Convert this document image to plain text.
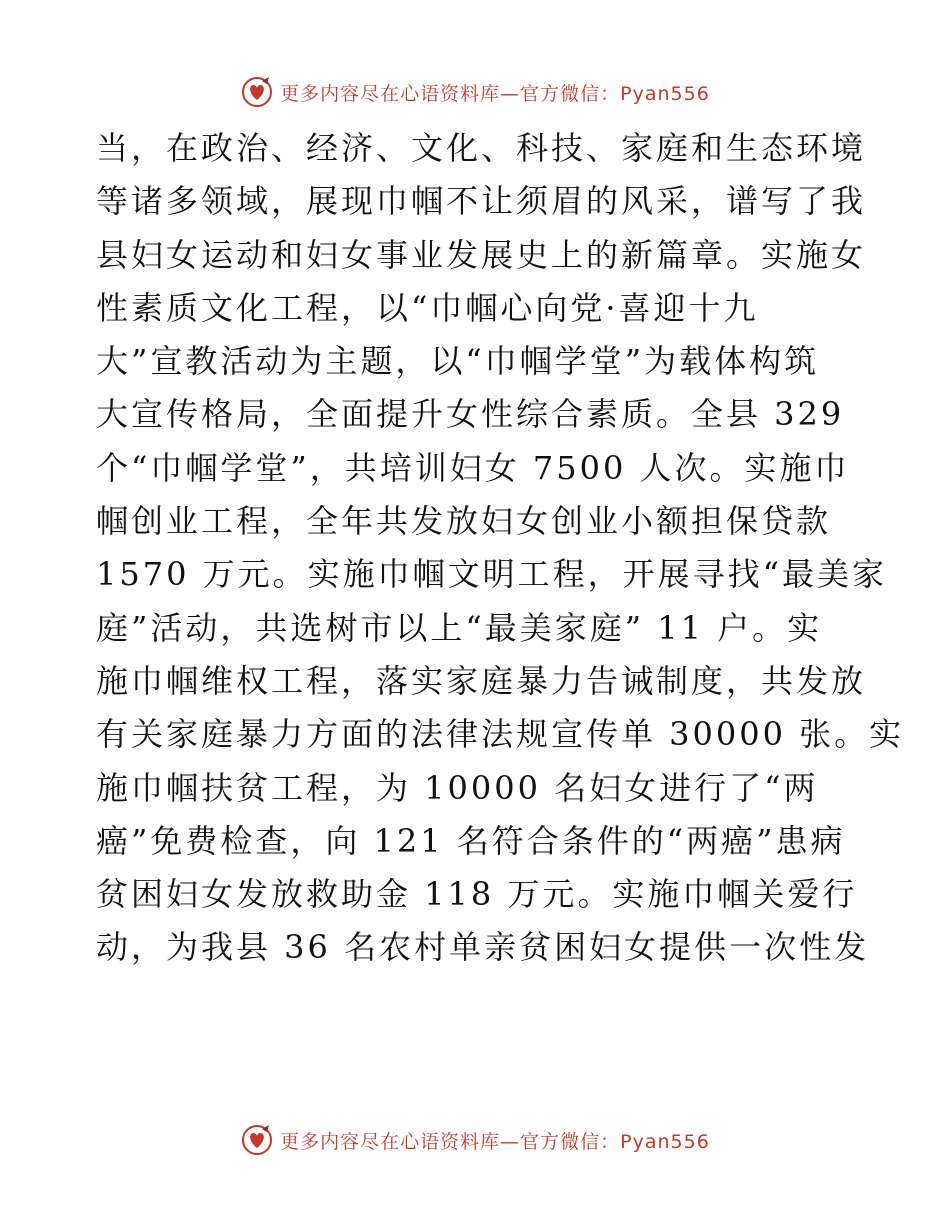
更多内容尽在心语资料库—官方微信：Pyan556
当，在政治、经济、文化、科技、家庭和生态环境
等诸多领域，展现巾帼不让须眉的风采，谱写了我
县妇女运动和妇女事业发展史上的新篇章。实施女
性素质文化工程，以“巾帼心向党·喜迎十九
大”宣教活动为主题，以“巾帼学堂”为载体构筑
大宣传格局，全面提升女性综合素质。全县 329
个“巾帼学堂”，共培训妇女 7500 人次。实施巾
帼创业工程，全年共发放妇女创业小额担保贷款
1570 万元。实施巾帼文明工程，开展寻找“最美家
庭”活动，共选树市以上“最美家庭” 11 户。实
施巾帼维权工程，落实家庭暴力告诫制度，共发放
有关家庭暴力方面的法律法规宣传单 30000 张。实
施巾帼扶贫工程，为 10000 名妇女进行了“两
癌”免费检查，向 121 名符合条件的“两癌”患病
贫困妇女发放救助金 118 万元。实施巾帼关爱行
动，为我县 36 名农村单亲贫困妇女提供一次性发
更多内容尽在心语资料库—官方微信：Pyan556
